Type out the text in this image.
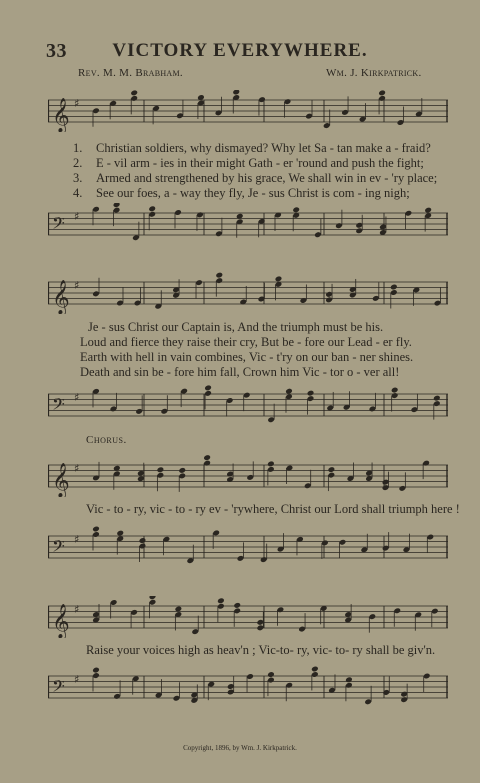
33	VICTORY EVERYWHERE.
Rev. M. M. Brabham.	Wm. J. Kirkpatrick.
𝄞 ♯
1. Christian soldiers, why dismayed? Why let Sa - tan make a - fraid?
2. E - vil arm - ies in their might Gath - er 'round and push the fight;
3. Armed and strengthened by his grace, We shall win in ev - 'ry place;
4. See our foes, a - way they fly, Je - sus Christ is com - ing nigh;
𝄢 ♯
𝄞 ♯
Je - sus Christ our Captain is, And the triumph must be his.
Loud and fierce they raise their cry, But be - fore our Lead - er fly.
Earth with hell in vain combines, Vic - t'ry on our ban - ner shines.
Death and sin be - fore him fall, Crown him Vic - tor o - ver all!
𝄢 ♯
Chorus.
𝄞 ♯
Vic - to - ry, vic - to - ry ev - 'rywhere, Christ our Lord shall triumph here !
𝄢 ♯
𝄞 ♯
Raise your voices high as heav'n ; Vic-to- ry, vic- to- ry shall be giv'n.
𝄢 ♯
Copyright, 1896, by Wm. J. Kirkpatrick.
